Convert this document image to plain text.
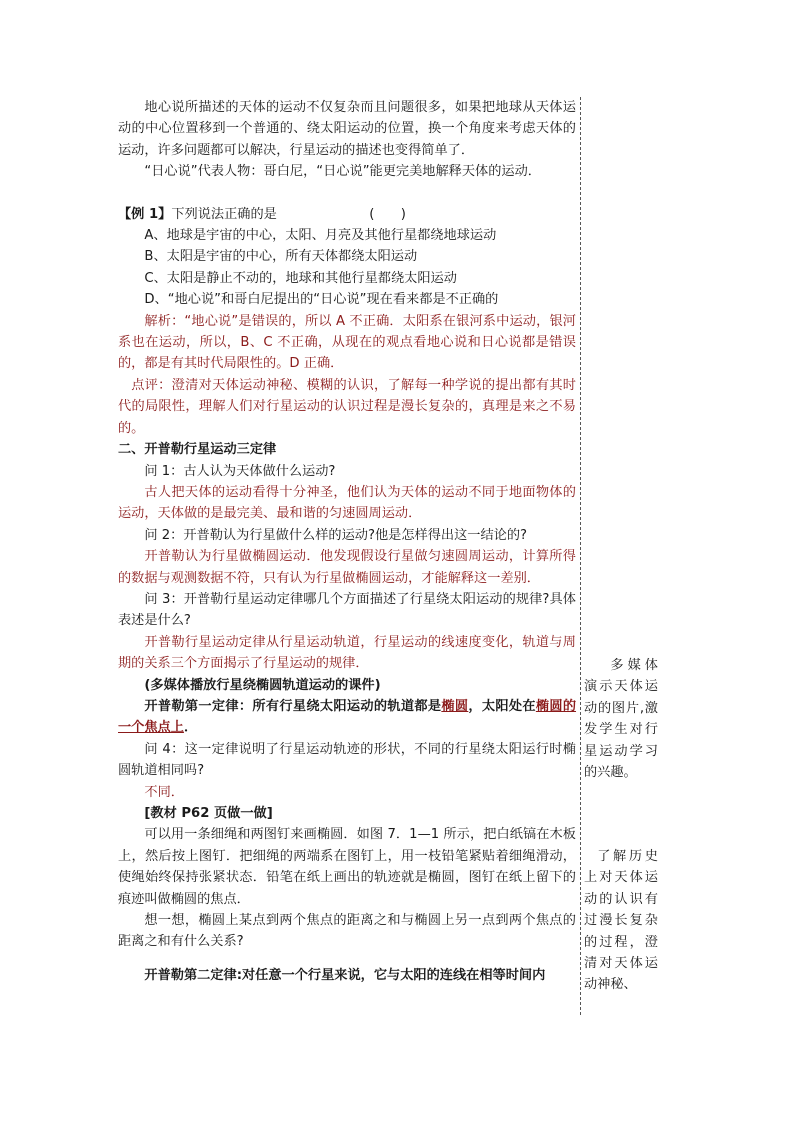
地心说所描述的天体的运动不仅复杂而且问题很多，如果把地球从天体运动的中心位置移到一个普通的、绕太阳运动的位置，换一个角度来考虑天体的运动，许多问题都可以解决，行星运动的描述也变得简单了．

“日心说”代表人物：哥白尼，“日心说”能更完美地解释天体的运动．

【例 1】下列说法正确的是	(　　)

A、地球是宇宙的中心，太阳、月亮及其他行星都绕地球运动

B、太阳是宇宙的中心，所有天体都绕太阳运动

C、太阳是静止不动的，地球和其他行星都绕太阳运动

D、“地心说”和哥白尼提出的“日心说”现在看来都是不正确的

解析：“地心说”是错误的，所以 A 不正确．太阳系在银河系中运动，银河系也在运动，所以，B、C 不正确，从现在的观点看地心说和日心说都是错误的，都是有其时代局限性的。D 正确．

点评：澄清对天体运动神秘、模糊的认识，了解每一种学说的提出都有其时代的局限性，理解人们对行星运动的认识过程是漫长复杂的，真理是来之不易的。

二、开普勒行星运动三定律

问 1：古人认为天体做什么运动?

古人把天体的运动看得十分神圣，他们认为天体的运动不同于地面物体的运动，天体做的是最完美、最和谐的匀速圆周运动．

问 2：开普勒认为行星做什么样的运动?他是怎样得出这一结论的?

开普勒认为行星做椭圆运动．他发现假设行星做匀速圆周运动，计算所得的数据与观测数据不符，只有认为行星做椭圆运动，才能解释这一差别．

问 3：开普勒行星运动定律哪几个方面描述了行星绕太阳运动的规律?具体表述是什么?

开普勒行星运动定律从行星运动轨道，行星运动的线速度变化，轨道与周期的关系三个方面揭示了行星运动的规律．

(多媒体播放行星绕椭圆轨道运动的课件)

开普勒第一定律：所有行星绕太阳运动的轨道都是椭圆，太阳处在椭圆的一个焦点上．

问 4：这一定律说明了行星运动轨迹的形状，不同的行星绕太阳运行时椭圆轨道相同吗?

不同．

[教材 P62 页做一做]

可以用一条细绳和两图钉来画椭圆．如图 7．1—1 所示，把白纸镐在木板上，然后按上图钉．把细绳的两端系在图钉上，用一枝铅笔紧贴着细绳滑动，使绳始终保持张紧状态．铅笔在纸上画出的轨迹就是椭圆，图钉在纸上留下的痕迹叫做椭圆的焦点．

想一想，椭圆上某点到两个焦点的距离之和与椭圆上另一点到两个焦点的距离之和有什么关系?

开普勒第二定律:对任意一个行星来说，它与太阳的连线在相等时间内

多媒体演示天体运动的图片,激发学生对行星运动学习的兴趣。

了解历史上对天体运动的认识有过漫长复杂的过程，澄清对天体运动神秘、
